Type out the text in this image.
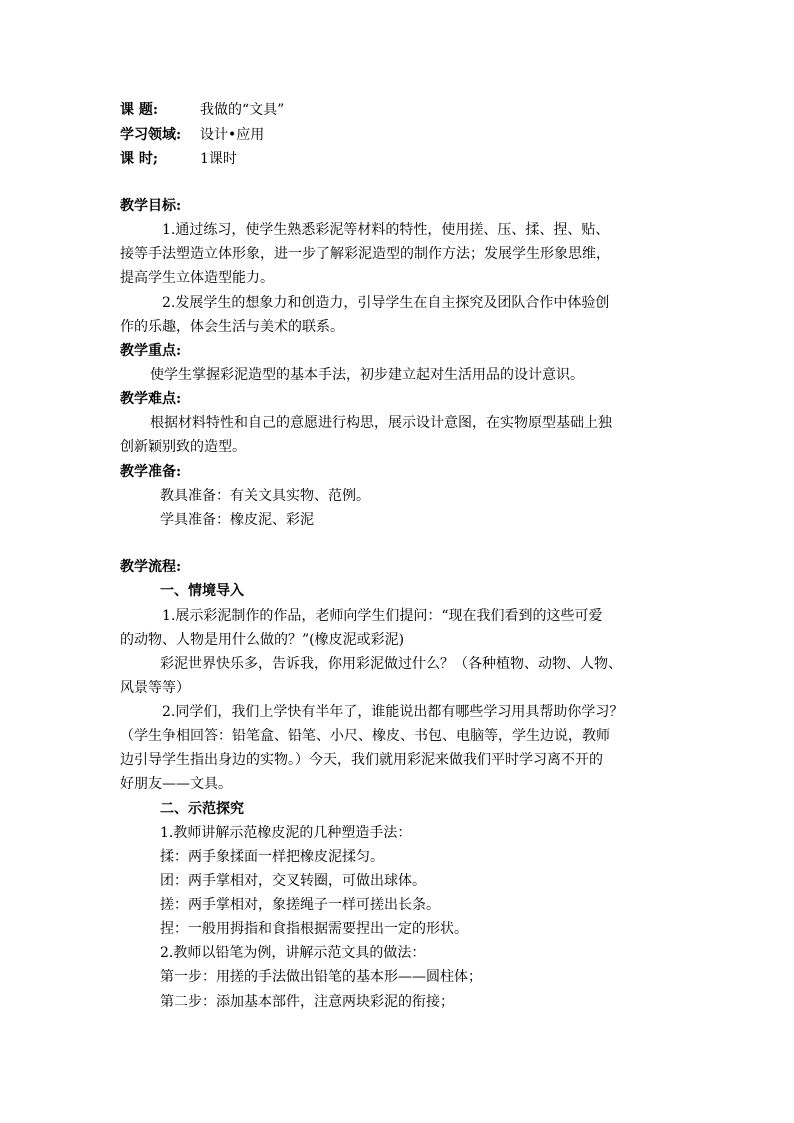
课 题:	我做的“文具”
学习领域: 设计•应用
课 时;	1课时
教学目标:
1.通过练习，使学生熟悉彩泥等材料的特性，使用搓、压、揉、捏、贴、
接等手法塑造立体形象，进一步了解彩泥造型的制作方法；发展学生形象思维，
提高学生立体造型能力。
2.发展学生的想象力和创造力，引导学生在自主探究及团队合作中体验创
作的乐趣，体会生活与美术的联系。
教学重点:
使学生掌握彩泥造型的基本手法，初步建立起对生活用品的设计意识。
教学难点:
根据材料特性和自己的意愿进行构思，展示设计意图，在实物原型基础上独
创新颖别致的造型。
教学准备:
教具准备：有关文具实物、范例。
学具准备：橡皮泥、彩泥
教学流程:
一、情境导入
1.展示彩泥制作的作品，老师向学生们提问：“现在我们看到的这些可爱
的动物、人物是用什么做的？”(橡皮泥或彩泥)
彩泥世界快乐多，告诉我，你用彩泥做过什么？（各种植物、动物、人物、
风景等等）
2.同学们，我们上学快有半年了，谁能说出都有哪些学习用具帮助你学习？
（学生争相回答：铅笔盒、铅笔、小尺、橡皮、书包、电脑等，学生边说，教师
边引导学生指出身边的实物。）今天，我们就用彩泥来做我们平时学习离不开的
好朋友——文具。
二、示范探究
1.教师讲解示范橡皮泥的几种塑造手法：
揉：两手象揉面一样把橡皮泥揉匀。
团：两手掌相对，交叉转圈，可做出球体。
搓：两手掌相对，象搓绳子一样可搓出长条。
捏：一般用拇指和食指根据需要捏出一定的形状。
2.教师以铅笔为例，讲解示范文具的做法：
第一步：用搓的手法做出铅笔的基本形——圆柱体；
第二步：添加基本部件，注意两块彩泥的衔接；
